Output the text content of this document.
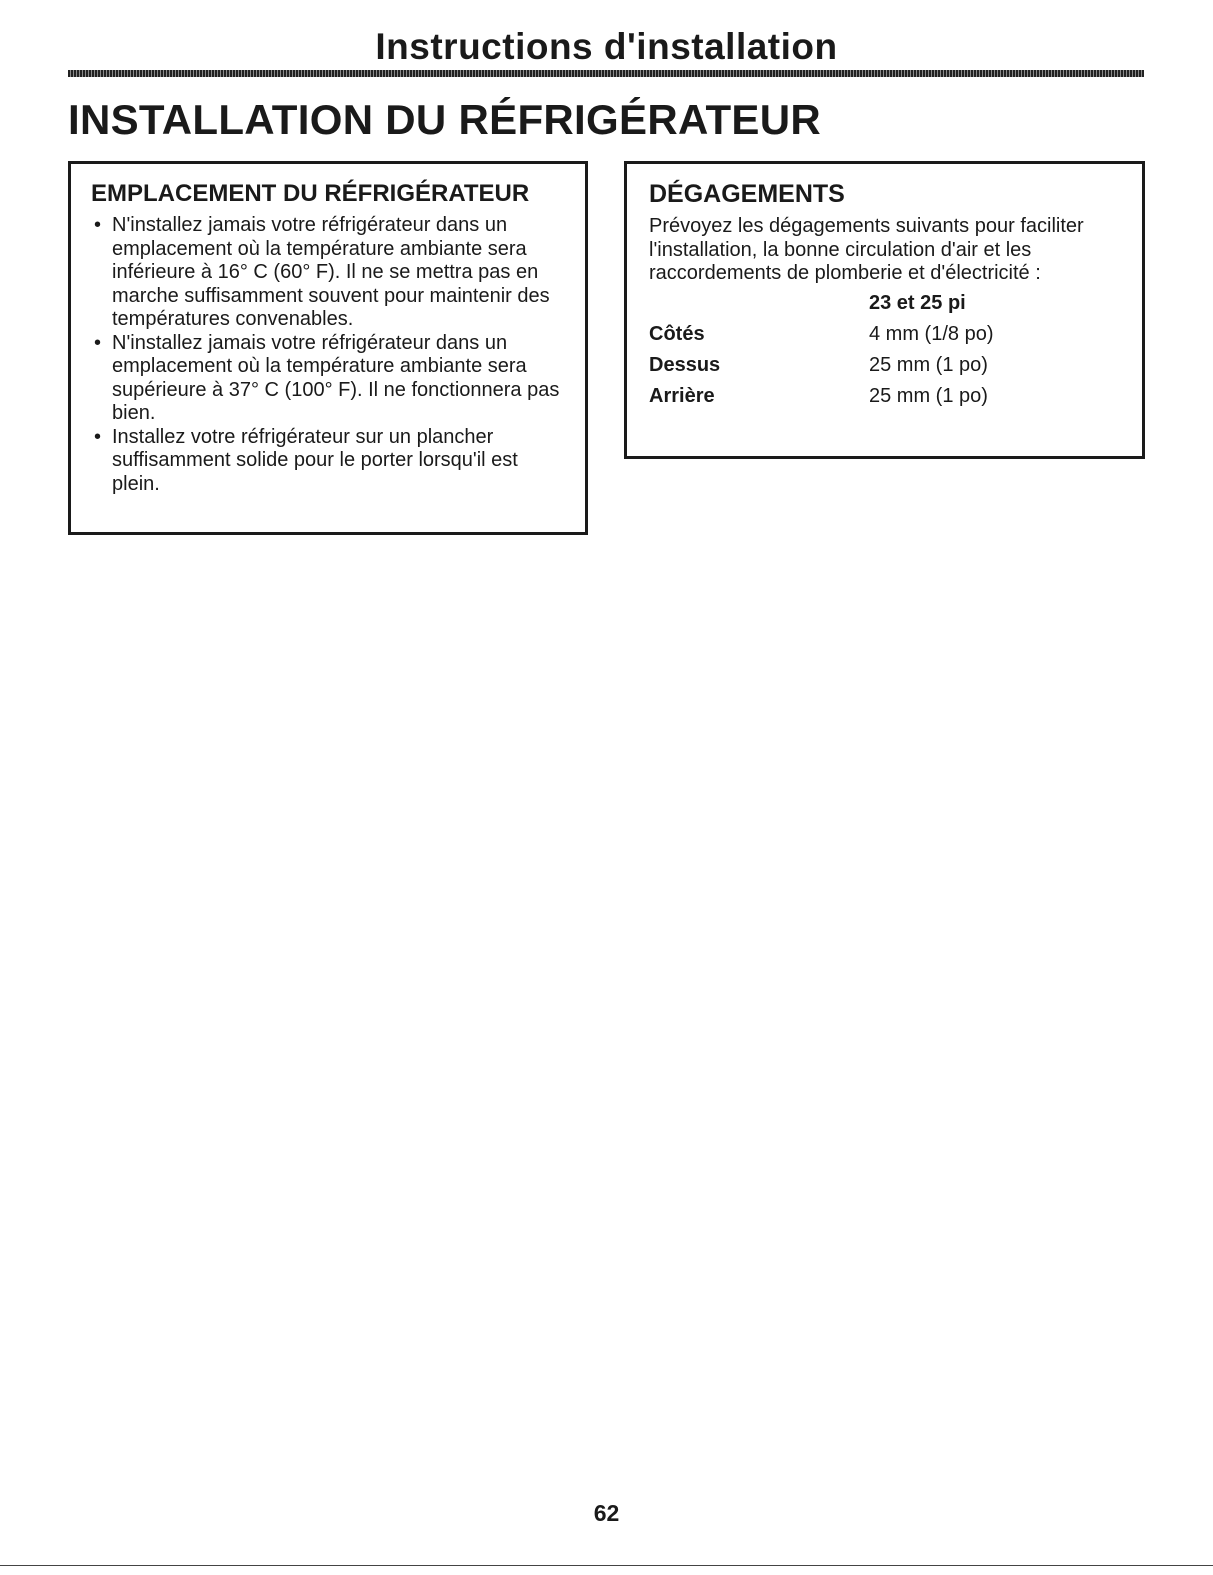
Instructions d'installation
INSTALLATION DU RÉFRIGÉRATEUR
EMPLACEMENT DU RÉFRIGÉRATEUR
• N'installez jamais votre réfrigérateur dans un emplacement où la température ambiante sera inférieure à 16° C (60° F). Il ne se mettra pas en marche suffisamment souvent pour maintenir des températures convenables.
• N'installez jamais votre réfrigérateur dans un emplacement où la température ambiante sera supérieure à 37° C (100° F). Il ne fonctionnera pas bien.
• Installez votre réfrigérateur sur un plancher suffisamment solide pour le porter lorsqu'il est plein.
DÉGAGEMENTS

Prévoyez les dégagements suivants pour faciliter l'installation, la bonne circulation d'air et les raccordements de plomberie et d'électricité :

	23 et 25 pi
Côtés	4 mm (1/8 po)
Dessus	25 mm (1 po)
Arrière	25 mm (1 po)
62
